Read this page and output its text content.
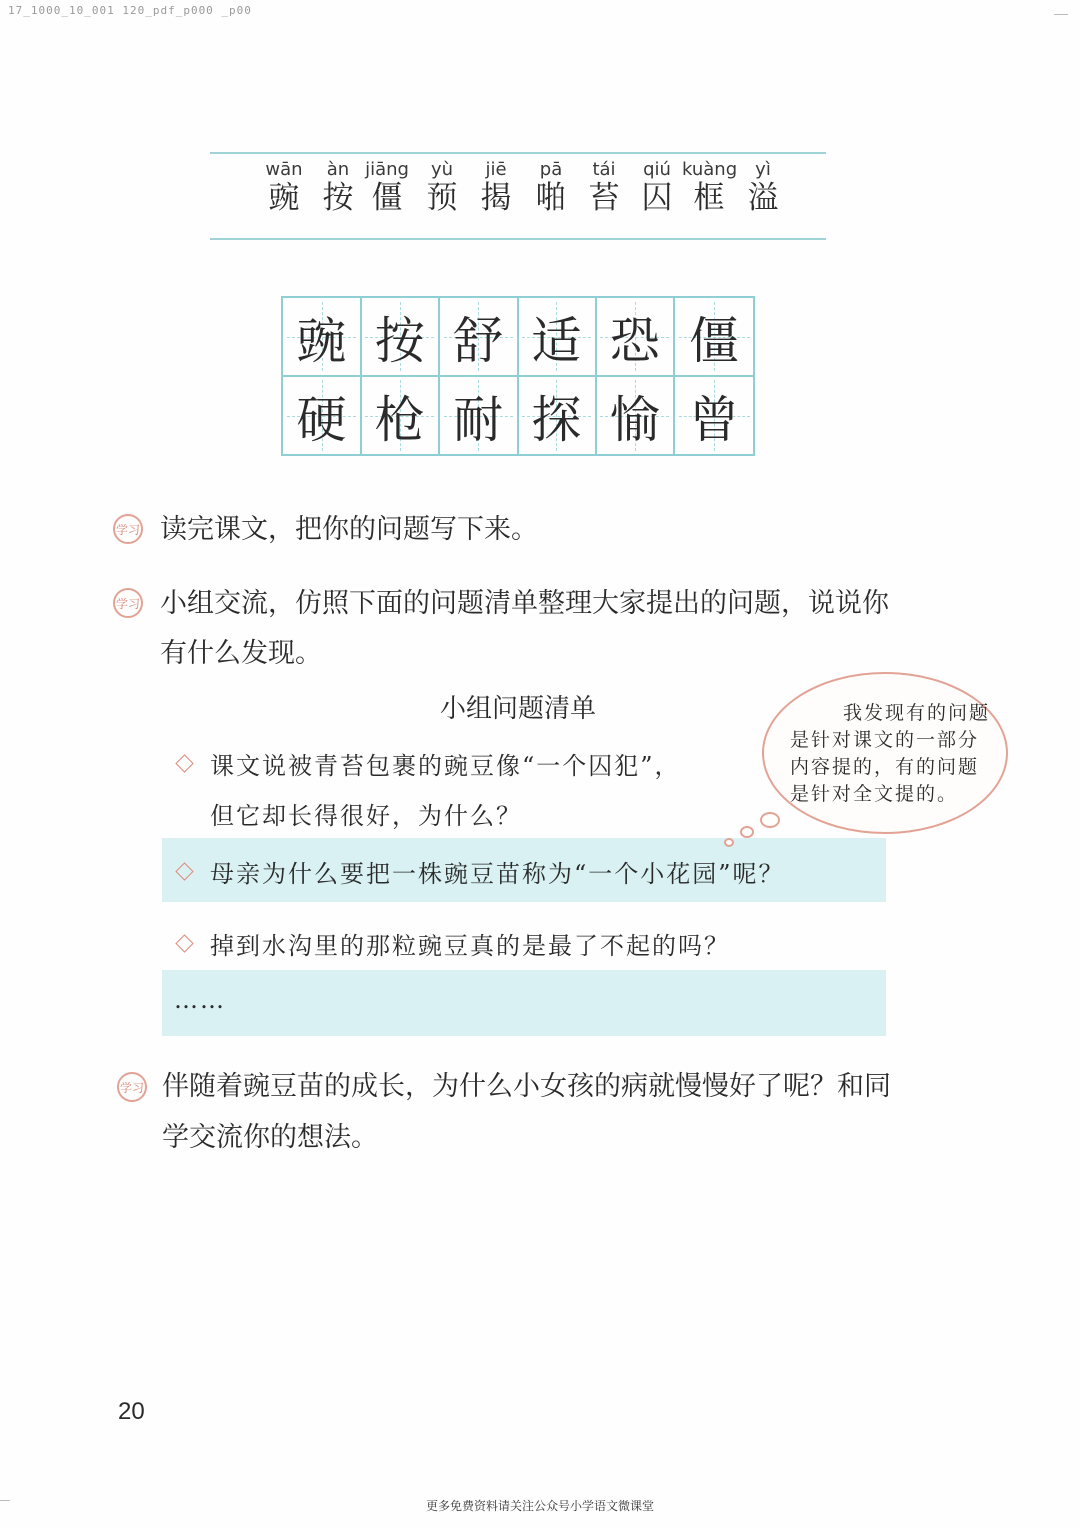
17_1000_10_001 120_pdf_p000 _p00
wān
豌
àn
按
jiāng
僵
yù
预
jiē
揭
pā
啪
tái
苔
qiú
囚
kuàng
框
yì
溢
豌 按 舒 适 恐 僵
硬 枪 耐 探 愉 曾
学习 读完课文，把你的问题写下来。
学习 小组交流，仿照下面的问题清单整理大家提出的问题，说说你
有什么发现。
小组问题清单
课文说被青苔包裹的豌豆像“一个囚犯”，
但它却长得很好，为什么？
母亲为什么要把一株豌豆苗称为“一个小花园”呢？
掉到水沟里的那粒豌豆真的是最了不起的吗？
……
我发现有的问题
是针对课文的一部分
内容提的，有的问题
是针对全文提的。
学习 伴随着豌豆苗的成长，为什么小女孩的病就慢慢好了呢？和同
学交流你的想法。
20
更多免费资料请关注公众号小学语文微课堂
